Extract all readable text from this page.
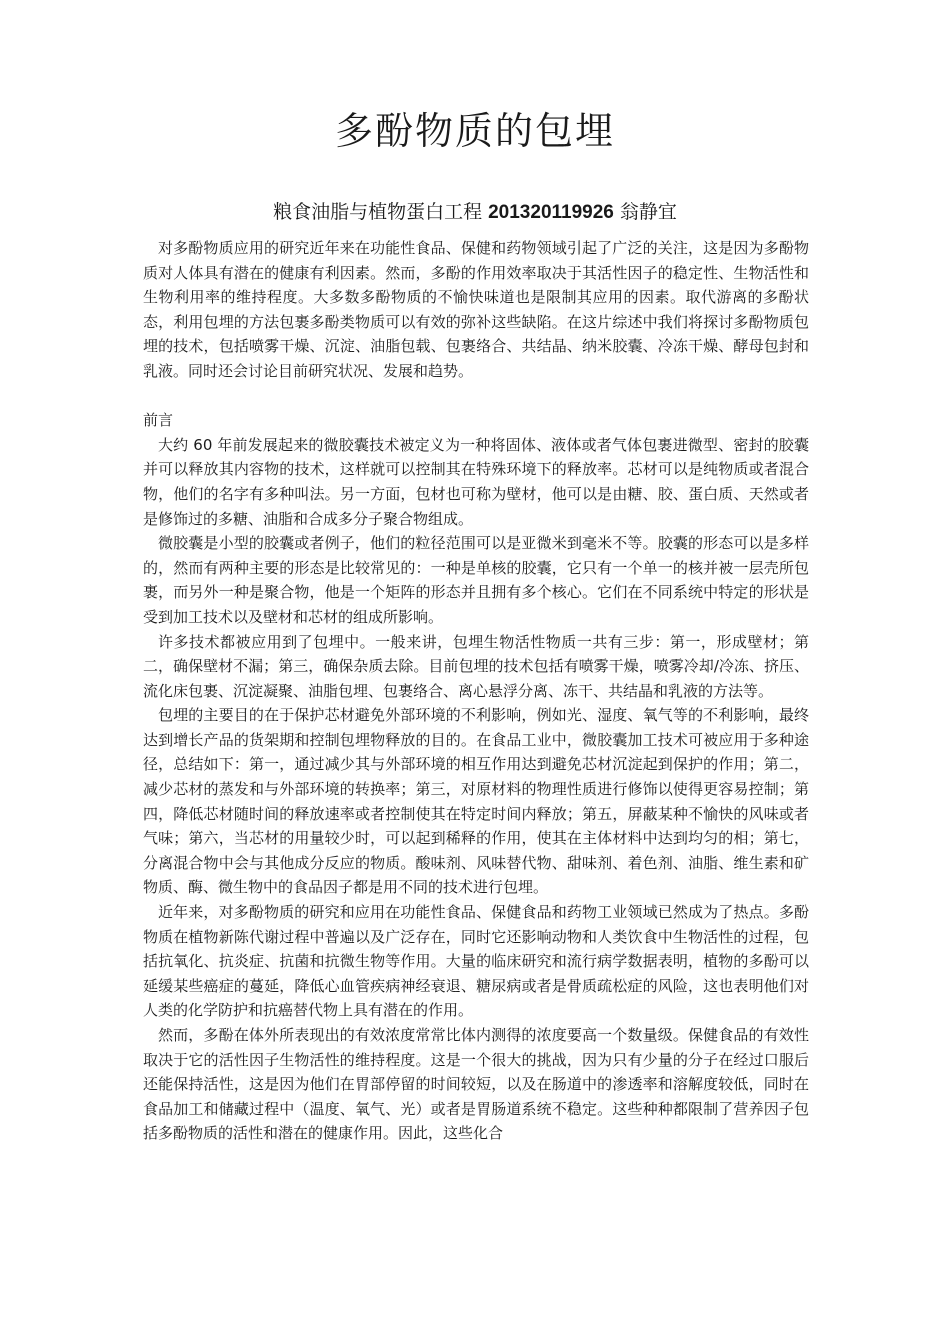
多酚物质的包埋
粮食油脂与植物蛋白工程 201320119926 翁静宜

对多酚物质应用的研究近年来在功能性食品、保健和药物领域引起了广泛的关注，这是因为多酚物质对人体具有潜在的健康有利因素。然而，多酚的作用效率取决于其活性因子的稳定性、生物活性和生物利用率的维持程度。大多数多酚物质的不愉快味道也是限制其应用的因素。取代游离的多酚状态，利用包埋的方法包裹多酚类物质可以有效的弥补这些缺陷。在这片综述中我们将探讨多酚物质包埋的技术，包括喷雾干燥、沉淀、油脂包载、包裹络合、共结晶、纳米胶囊、冷冻干燥、酵母包封和乳液。同时还会讨论目前研究状况、发展和趋势。

前言

大约 60 年前发展起来的微胶囊技术被定义为一种将固体、液体或者气体包裹进微型、密封的胶囊并可以释放其内容物的技术，这样就可以控制其在特殊环境下的释放率。芯材可以是纯物质或者混合物，他们的名字有多种叫法。另一方面，包材也可称为壁材，他可以是由糖、胶、蛋白质、天然或者是修饰过的多糖、油脂和合成多分子聚合物组成。

微胶囊是小型的胶囊或者例子，他们的粒径范围可以是亚微米到毫米不等。胶囊的形态可以是多样的，然而有两种主要的形态是比较常见的：一种是单核的胶囊，它只有一个单一的核并被一层壳所包裹，而另外一种是聚合物，他是一个矩阵的形态并且拥有多个核心。它们在不同系统中特定的形状是受到加工技术以及壁材和芯材的组成所影响。

许多技术都被应用到了包埋中。一般来讲，包埋生物活性物质一共有三步：第一，形成壁材；第二，确保壁材不漏；第三，确保杂质去除。目前包埋的技术包括有喷雾干燥，喷雾冷却/冷冻、挤压、流化床包裹、沉淀凝聚、油脂包埋、包裹络合、离心悬浮分离、冻干、共结晶和乳液的方法等。

包埋的主要目的在于保护芯材避免外部环境的不利影响，例如光、湿度、氧气等的不利影响，最终达到增长产品的货架期和控制包埋物释放的目的。在食品工业中，微胶囊加工技术可被应用于多种途径，总结如下：第一，通过减少其与外部环境的相互作用达到避免芯材沉淀起到保护的作用；第二，减少芯材的蒸发和与外部环境的转换率；第三，对原材料的物理性质进行修饰以使得更容易控制；第四，降低芯材随时间的释放速率或者控制使其在特定时间内释放；第五，屏蔽某种不愉快的风味或者气味；第六，当芯材的用量较少时，可以起到稀释的作用，使其在主体材料中达到均匀的相；第七，分离混合物中会与其他成分反应的物质。酸味剂、风味替代物、甜味剂、着色剂、油脂、维生素和矿物质、酶、微生物中的食品因子都是用不同的技术进行包埋。

近年来，对多酚物质的研究和应用在功能性食品、保健食品和药物工业领域已然成为了热点。多酚物质在植物新陈代谢过程中普遍以及广泛存在，同时它还影响动物和人类饮食中生物活性的过程，包括抗氧化、抗炎症、抗菌和抗微生物等作用。大量的临床研究和流行病学数据表明，植物的多酚可以延缓某些癌症的蔓延，降低心血管疾病神经衰退、糖尿病或者是骨质疏松症的风险，这也表明他们对人类的化学防护和抗癌替代物上具有潜在的作用。

然而，多酚在体外所表现出的有效浓度常常比体内测得的浓度要高一个数量级。保健食品的有效性取决于它的活性因子生物活性的维持程度。这是一个很大的挑战，因为只有少量的分子在经过口服后还能保持活性，这是因为他们在胃部停留的时间较短，以及在肠道中的渗透率和溶解度较低，同时在食品加工和储藏过程中（温度、氧气、光）或者是胃肠道系统不稳定。这些种种都限制了营养因子包括多酚物质的活性和潜在的健康作用。因此，这些化合
